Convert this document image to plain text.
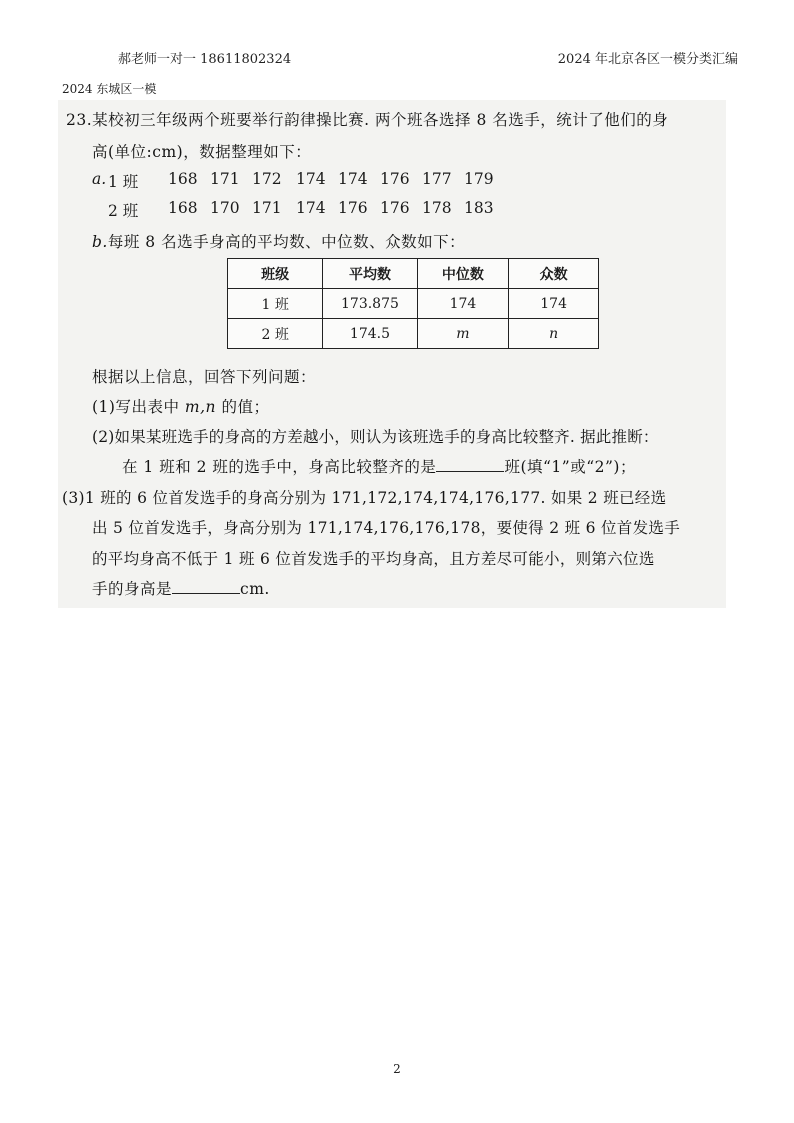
郝老师一对一 18611802324	2024 年北京各区一模分类汇编
2024 东城区一模
23.某校初三年级两个班要举行韵律操比赛. 两个班各选择 8 名选手，统计了他们的身
高(单位:cm)，数据整理如下：
a. 1 班 168 171 172 174 174 176 177 179
2 班 168 170 171 174 176 176 178 183
b.每班 8 名选手身高的平均数、中位数、众数如下：
班级	平均数	中位数	众数
1 班	173.875	174	174
2 班	174.5	m	n
根据以上信息，回答下列问题：
(1)写出表中 m,n 的值；
(2)如果某班选手的身高的方差越小，则认为该班选手的身高比较整齐. 据此推断：
在 1 班和 2 班的选手中，身高比较整齐的是	班(填“1”或“2”)；
(3)1 班的 6 位首发选手的身高分别为 171,172,174,174,176,177. 如果 2 班已经选
出 5 位首发选手，身高分别为 171,174,176,176,178，要使得 2 班 6 位首发选手
的平均身高不低于 1 班 6 位首发选手的平均身高，且方差尽可能小，则第六位选
手的身高是	cm.
2
